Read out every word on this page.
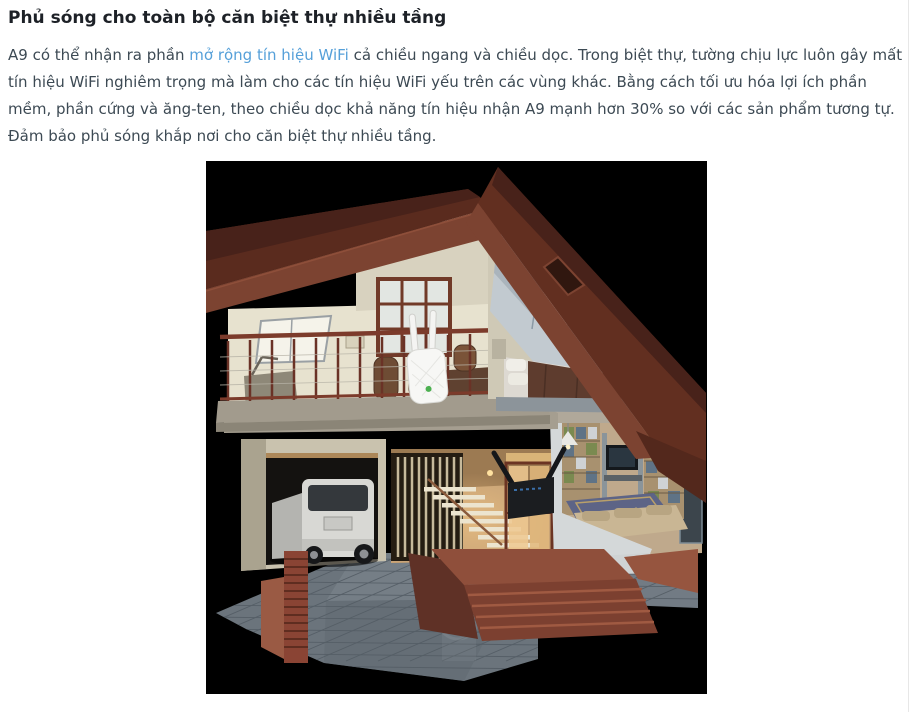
Phủ sóng cho toàn bộ căn biệt thự nhiều tầng

A9 có thể nhận ra phần mở rộng tín hiệu WiFi cả chiều ngang và chiều dọc. Trong biệt thự, tường chịu lực luôn gây mất tín hiệu WiFi nghiêm trọng mà làm cho các tín hiệu WiFi yếu trên các vùng khác. Bằng cách tối ưu hóa lợi ích phần mềm, phần cứng và ăng-ten, theo chiều dọc khả năng tín hiệu nhận A9 mạnh hơn 30% so với các sản phẩm tương tự. Đảm bảo phủ sóng khắp nơi cho căn biệt thự nhiều tầng.
